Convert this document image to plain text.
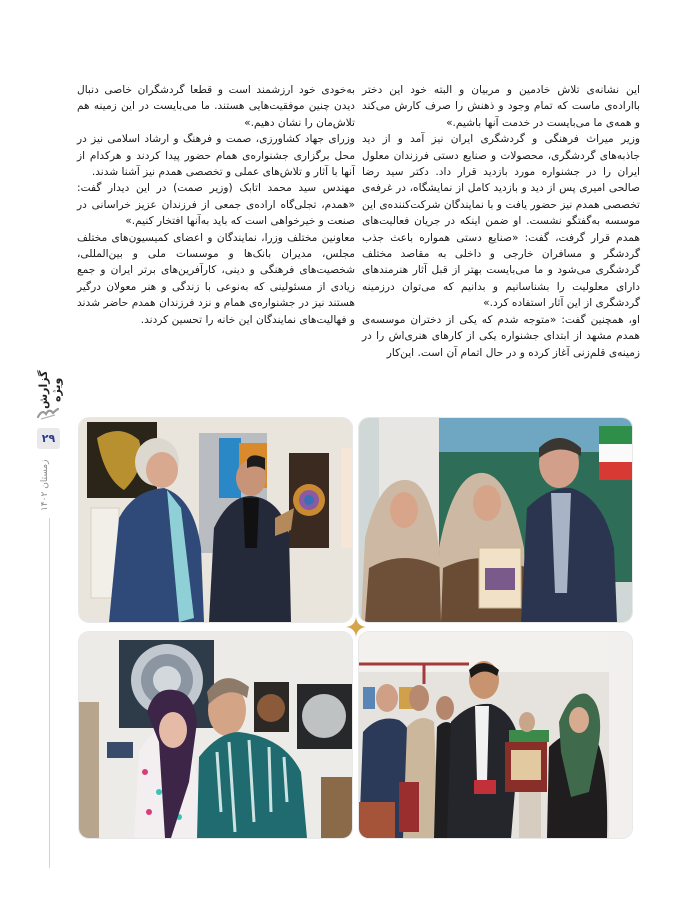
این نشانه‌ی تلاش خادمین و مربیان و البته خود این دختر بااراده‌ی ماست که تمام وجود و ذهنش را صرف کارش می‌کند و همه‌ی ما می‌بایست در خدمت آنها باشیم.»

وزیر میراث فرهنگی و گردشگری ایران نیز آمد و از دید جاذبه‌های گردشگری، محصولات و صنایع دستی فرزندان معلول ایران را در جشنواره مورد بازدید قرار داد. دکتر سید رضا صالحی امیری پس از دید و بازدید کامل از نمایشگاه، در غرفه‌ی تخصصی همدم نیز حضور یافت و با نمایندگان شرکت‌کننده‌ی این موسسه به‌گفتگو نشست. او ضمن اینکه در جریان فعالیت‌های همدم قرار گرفت، گفت: «صنایع دستی همواره باعث جذب گردشگر و مسافران خارجی و داخلی به مقاصد مختلف گردشگری می‌شود و ما می‌بایست بهتر از قبل آثار هنرمندهای دارای معلولیت را بشناسانیم و بدانیم که می‌توان درزمینه گردشگری از این آثار استفاده کرد.»

او، همچنین گفت: «متوجه شدم که یکی از دختران موسسه‌ی همدم مشهد از ابتدای جشنواره یکی از کارهای هنری‌اش را در زمینه‌ی قلم‌زنی آغاز کرده و در حال اتمام آن است. این‌کار

به‌خودی خود ارزشمند است و قطعا گردشگران خاصی دنبال دیدن چنین موفقیت‌هایی هستند. ما می‌بایست در این زمینه هم تلاش‌مان را نشان دهیم.»

وزرای جهاد کشاورزی، صمت و فرهنگ و ارشاد اسلامی نیز در محل برگزاری جشنواره‌ی همام حضور پیدا کردند و هرکدام از آنها با آثار و تلاش‌های عملی و تخصصی همدم نیز آشنا شدند.

مهندس سید محمد اتابک (وزیر صمت) در این دیدار گفت: «همدم، تجلی‌گاه اراده‌ی جمعی از فرزندان عزیز خراسانی در صنعت و خیرخواهی است که باید به‌آنها افتخار کنیم.»

معاونین مختلف وزرا، نمایندگان و اعضای کمیسیون‌های مختلف مجلس، مدیران بانک‌ها و موسسات ملی و بین‌المللی، شخصیت‌های فرهنگی و دینی، کارآفرین‌های برتر ایران و جمع زیادی از مسئولینی که به‌نوعی با زندگی و هنر معولان درگیر هستند نیز در جشنواره‌ی همام و نزد فرزندان همدم حاضر شدند و فهالیت‌های نمایندگان این خانه را تحسین کردند.

گزارش ویژه
۲۹
زمستان ۱۴۰۲
